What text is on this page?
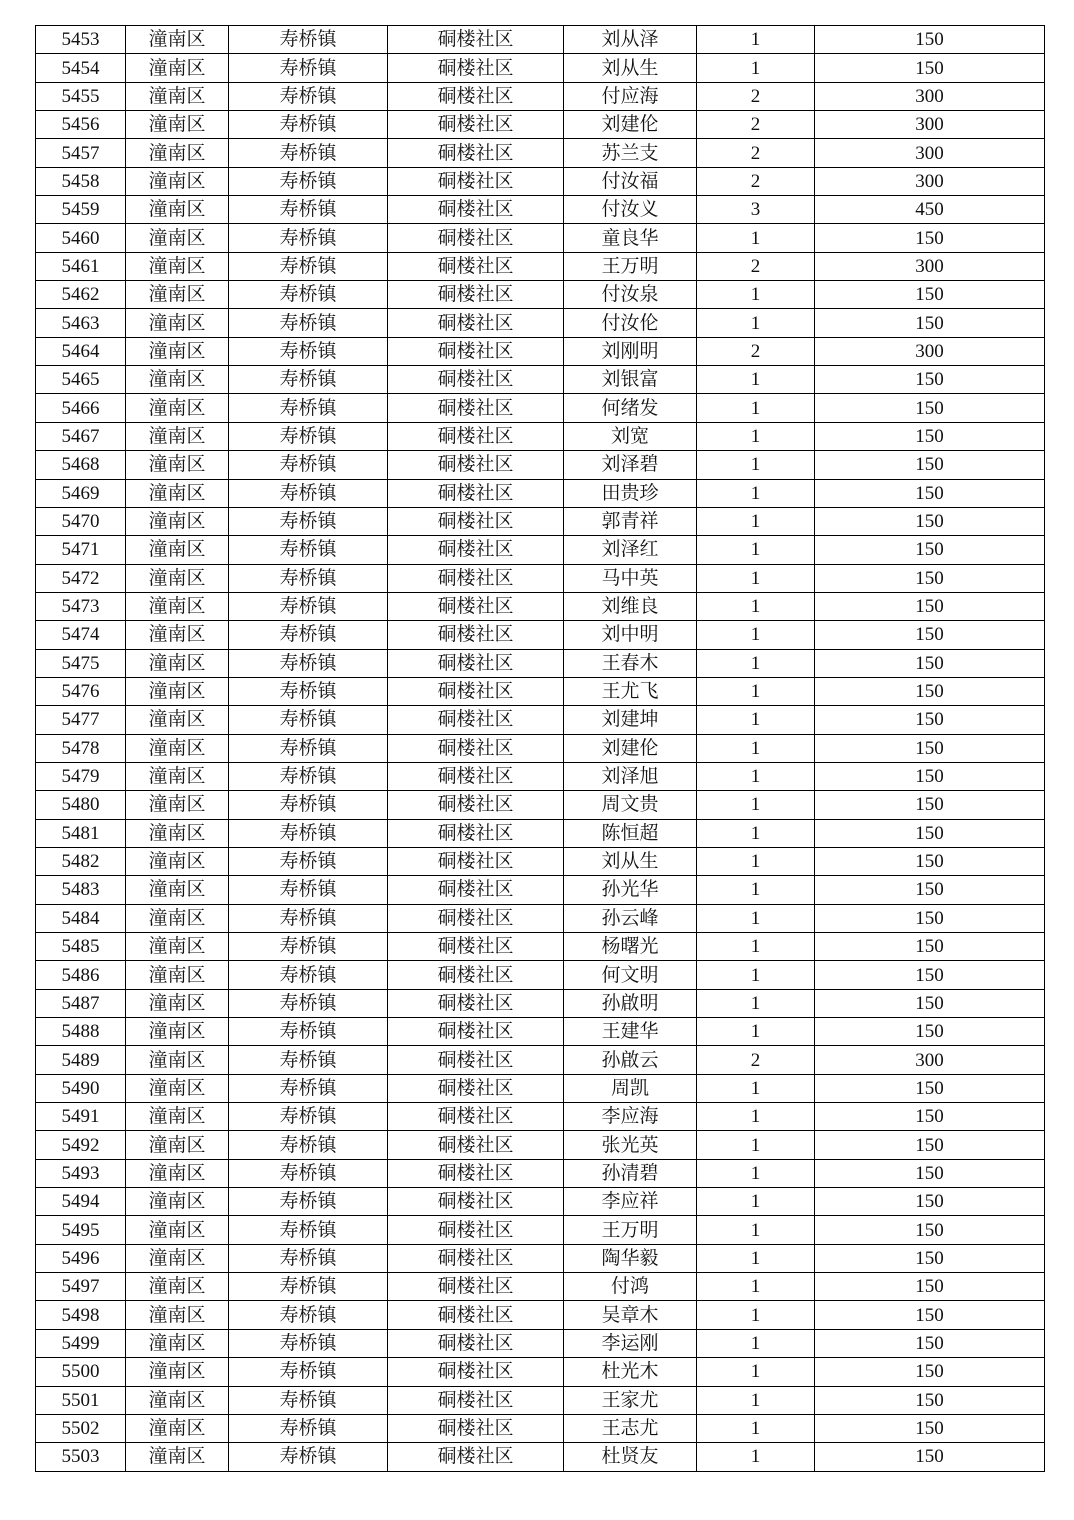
5453	潼南区	寿桥镇	硐楼社区	刘从泽	1	150
5454	潼南区	寿桥镇	硐楼社区	刘从生	1	150
5455	潼南区	寿桥镇	硐楼社区	付应海	2	300
5456	潼南区	寿桥镇	硐楼社区	刘建伦	2	300
5457	潼南区	寿桥镇	硐楼社区	苏兰支	2	300
5458	潼南区	寿桥镇	硐楼社区	付汝福	2	300
5459	潼南区	寿桥镇	硐楼社区	付汝义	3	450
5460	潼南区	寿桥镇	硐楼社区	童良华	1	150
5461	潼南区	寿桥镇	硐楼社区	王万明	2	300
5462	潼南区	寿桥镇	硐楼社区	付汝泉	1	150
5463	潼南区	寿桥镇	硐楼社区	付汝伦	1	150
5464	潼南区	寿桥镇	硐楼社区	刘刚明	2	300
5465	潼南区	寿桥镇	硐楼社区	刘银富	1	150
5466	潼南区	寿桥镇	硐楼社区	何绪发	1	150
5467	潼南区	寿桥镇	硐楼社区	刘宽	1	150
5468	潼南区	寿桥镇	硐楼社区	刘泽碧	1	150
5469	潼南区	寿桥镇	硐楼社区	田贵珍	1	150
5470	潼南区	寿桥镇	硐楼社区	郭青祥	1	150
5471	潼南区	寿桥镇	硐楼社区	刘泽红	1	150
5472	潼南区	寿桥镇	硐楼社区	马中英	1	150
5473	潼南区	寿桥镇	硐楼社区	刘维良	1	150
5474	潼南区	寿桥镇	硐楼社区	刘中明	1	150
5475	潼南区	寿桥镇	硐楼社区	王春木	1	150
5476	潼南区	寿桥镇	硐楼社区	王尤飞	1	150
5477	潼南区	寿桥镇	硐楼社区	刘建坤	1	150
5478	潼南区	寿桥镇	硐楼社区	刘建伦	1	150
5479	潼南区	寿桥镇	硐楼社区	刘泽旭	1	150
5480	潼南区	寿桥镇	硐楼社区	周文贵	1	150
5481	潼南区	寿桥镇	硐楼社区	陈恒超	1	150
5482	潼南区	寿桥镇	硐楼社区	刘从生	1	150
5483	潼南区	寿桥镇	硐楼社区	孙光华	1	150
5484	潼南区	寿桥镇	硐楼社区	孙云峰	1	150
5485	潼南区	寿桥镇	硐楼社区	杨曙光	1	150
5486	潼南区	寿桥镇	硐楼社区	何文明	1	150
5487	潼南区	寿桥镇	硐楼社区	孙啟明	1	150
5488	潼南区	寿桥镇	硐楼社区	王建华	1	150
5489	潼南区	寿桥镇	硐楼社区	孙啟云	2	300
5490	潼南区	寿桥镇	硐楼社区	周凯	1	150
5491	潼南区	寿桥镇	硐楼社区	李应海	1	150
5492	潼南区	寿桥镇	硐楼社区	张光英	1	150
5493	潼南区	寿桥镇	硐楼社区	孙清碧	1	150
5494	潼南区	寿桥镇	硐楼社区	李应祥	1	150
5495	潼南区	寿桥镇	硐楼社区	王万明	1	150
5496	潼南区	寿桥镇	硐楼社区	陶华毅	1	150
5497	潼南区	寿桥镇	硐楼社区	付鸿	1	150
5498	潼南区	寿桥镇	硐楼社区	吴章木	1	150
5499	潼南区	寿桥镇	硐楼社区	李运刚	1	150
5500	潼南区	寿桥镇	硐楼社区	杜光木	1	150
5501	潼南区	寿桥镇	硐楼社区	王家尤	1	150
5502	潼南区	寿桥镇	硐楼社区	王志尤	1	150
5503	潼南区	寿桥镇	硐楼社区	杜贤友	1	150
